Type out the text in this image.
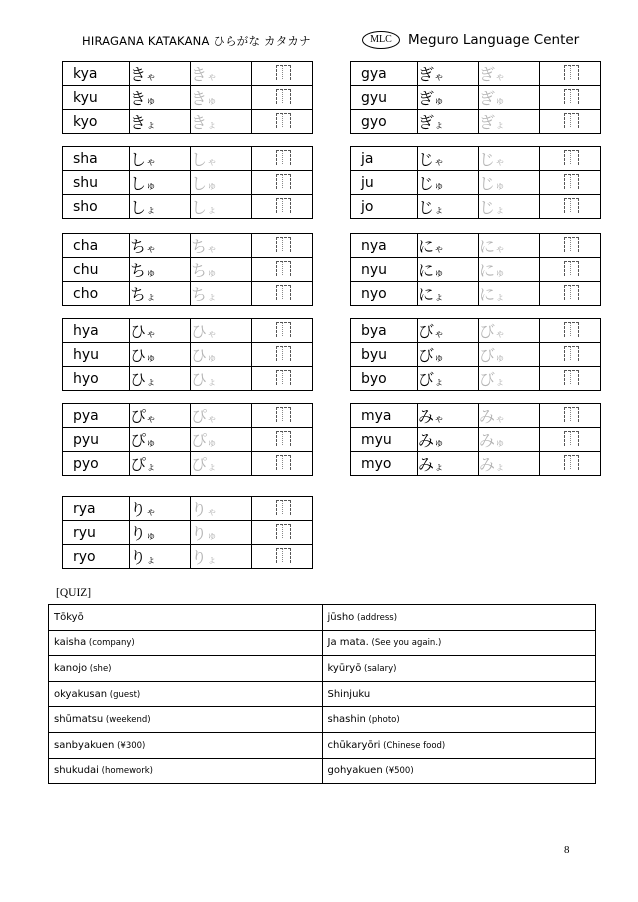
HIRAGANA KATAKANA ひらがな カタカナ	MLC	Meguro Language Center
kya	きゃ	きゃ	

kyu	きゅ	きゅ	

kyo	きょ	きょ	
gya	ぎゃ	ぎゃ	

gyu	ぎゅ	ぎゅ	

gyo	ぎょ	ぎょ	
sha	しゃ	しゃ	

shu	しゅ	しゅ	

sho	しょ	しょ	
ja	じゃ	じゃ	

ju	じゅ	じゅ	

jo	じょ	じょ	
cha	ちゃ	ちゃ	

chu	ちゅ	ちゅ	

cho	ちょ	ちょ	
nya	にゃ	にゃ	

nyu	にゅ	にゅ	

nyo	にょ	にょ	
hya	ひゃ	ひゃ	

hyu	ひゅ	ひゅ	

hyo	ひょ	ひょ	
bya	びゃ	びゃ	

byu	びゅ	びゅ	

byo	びょ	びょ	
pya	ぴゃ	ぴゃ	

pyu	ぴゅ	ぴゅ	

pyo	ぴょ	ぴょ	
mya	みゃ	みゃ	

myu	みゅ	みゅ	

myo	みょ	みょ	
rya	りゃ	りゃ	

ryu	りゅ	りゅ	

ryo	りょ	りょ	
[QUIZ]
Tōkyō	jūsho (address)
kaisha (company)	Ja mata. (See you again.)
kanojo (she)	kyūryō (salary)
okyakusan (guest)	Shinjuku
shūmatsu (weekend)	shashin (photo)
sanbyakuen (¥300)	chūkaryōri (Chinese food)
shukudai (homework)	gohyakuen (¥500)
8
